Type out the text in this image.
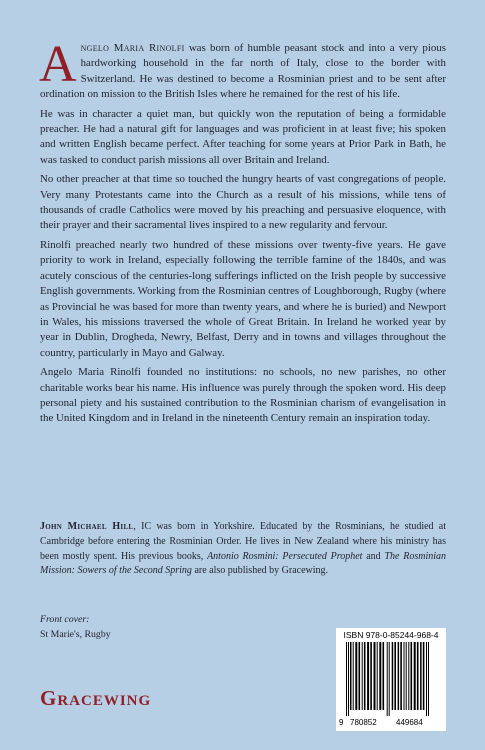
Angelo Maria Rinolfi was born of humble peasant stock and into a very pious hardworking household in the far north of Italy, close to the border with Switzerland. He was destined to become a Rosminian priest and to be sent after ordination on mission to the British Isles where he remained for the rest of his life.

He was in character a quiet man, but quickly won the reputation of being a formidable preacher. He had a natural gift for languages and was proficient in at least five; his spoken and written English became perfect. After teaching for some years at Prior Park in Bath, he was tasked to conduct parish missions all over Britain and Ireland.

No other preacher at that time so touched the hungry hearts of vast congregations of people. Very many Protestants came into the Church as a result of his missions, while tens of thousands of cradle Catholics were moved by his preaching and persuasive eloquence, with their prayer and their sacramental lives inspired to a new regularity and fervour.

Rinolfi preached nearly two hundred of these missions over twenty-five years. He gave priority to work in Ireland, especially following the terrible famine of the 1840s, and was acutely conscious of the centuries-long sufferings inflicted on the Irish people by successive English governments. Working from the Rosminian centres of Loughborough, Rugby (where as Provincial he was based for more than twenty years, and where he is buried) and Newport in Wales, his missions traversed the whole of Great Britain. In Ireland he worked year by year in Dublin, Drogheda, Newry, Belfast, Derry and in towns and villages throughout the country, particularly in Mayo and Galway.

Angelo Maria Rinolfi founded no institutions: no schools, no new parishes, no other charitable works bear his name. His influence was purely through the spoken word. His deep personal piety and his sustained contribution to the Rosminian charism of evangelisation in the United Kingdom and in Ireland in the nineteenth Century remain an inspiration today.

John Michael Hill, IC was born in Yorkshire. Educated by the Rosminians, he studied at Cambridge before entering the Rosminian Order. He lives in New Zealand where his ministry has been mostly spent. His previous books, Antonio Rosmini: Persecuted Prophet and The Rosminian Mission: Sowers of the Second Spring are also published by Gracewing.

Front cover:
St Marie's, Rugby
Gracewing
ISBN 978-0-85244-968-4
9 780852 449684
